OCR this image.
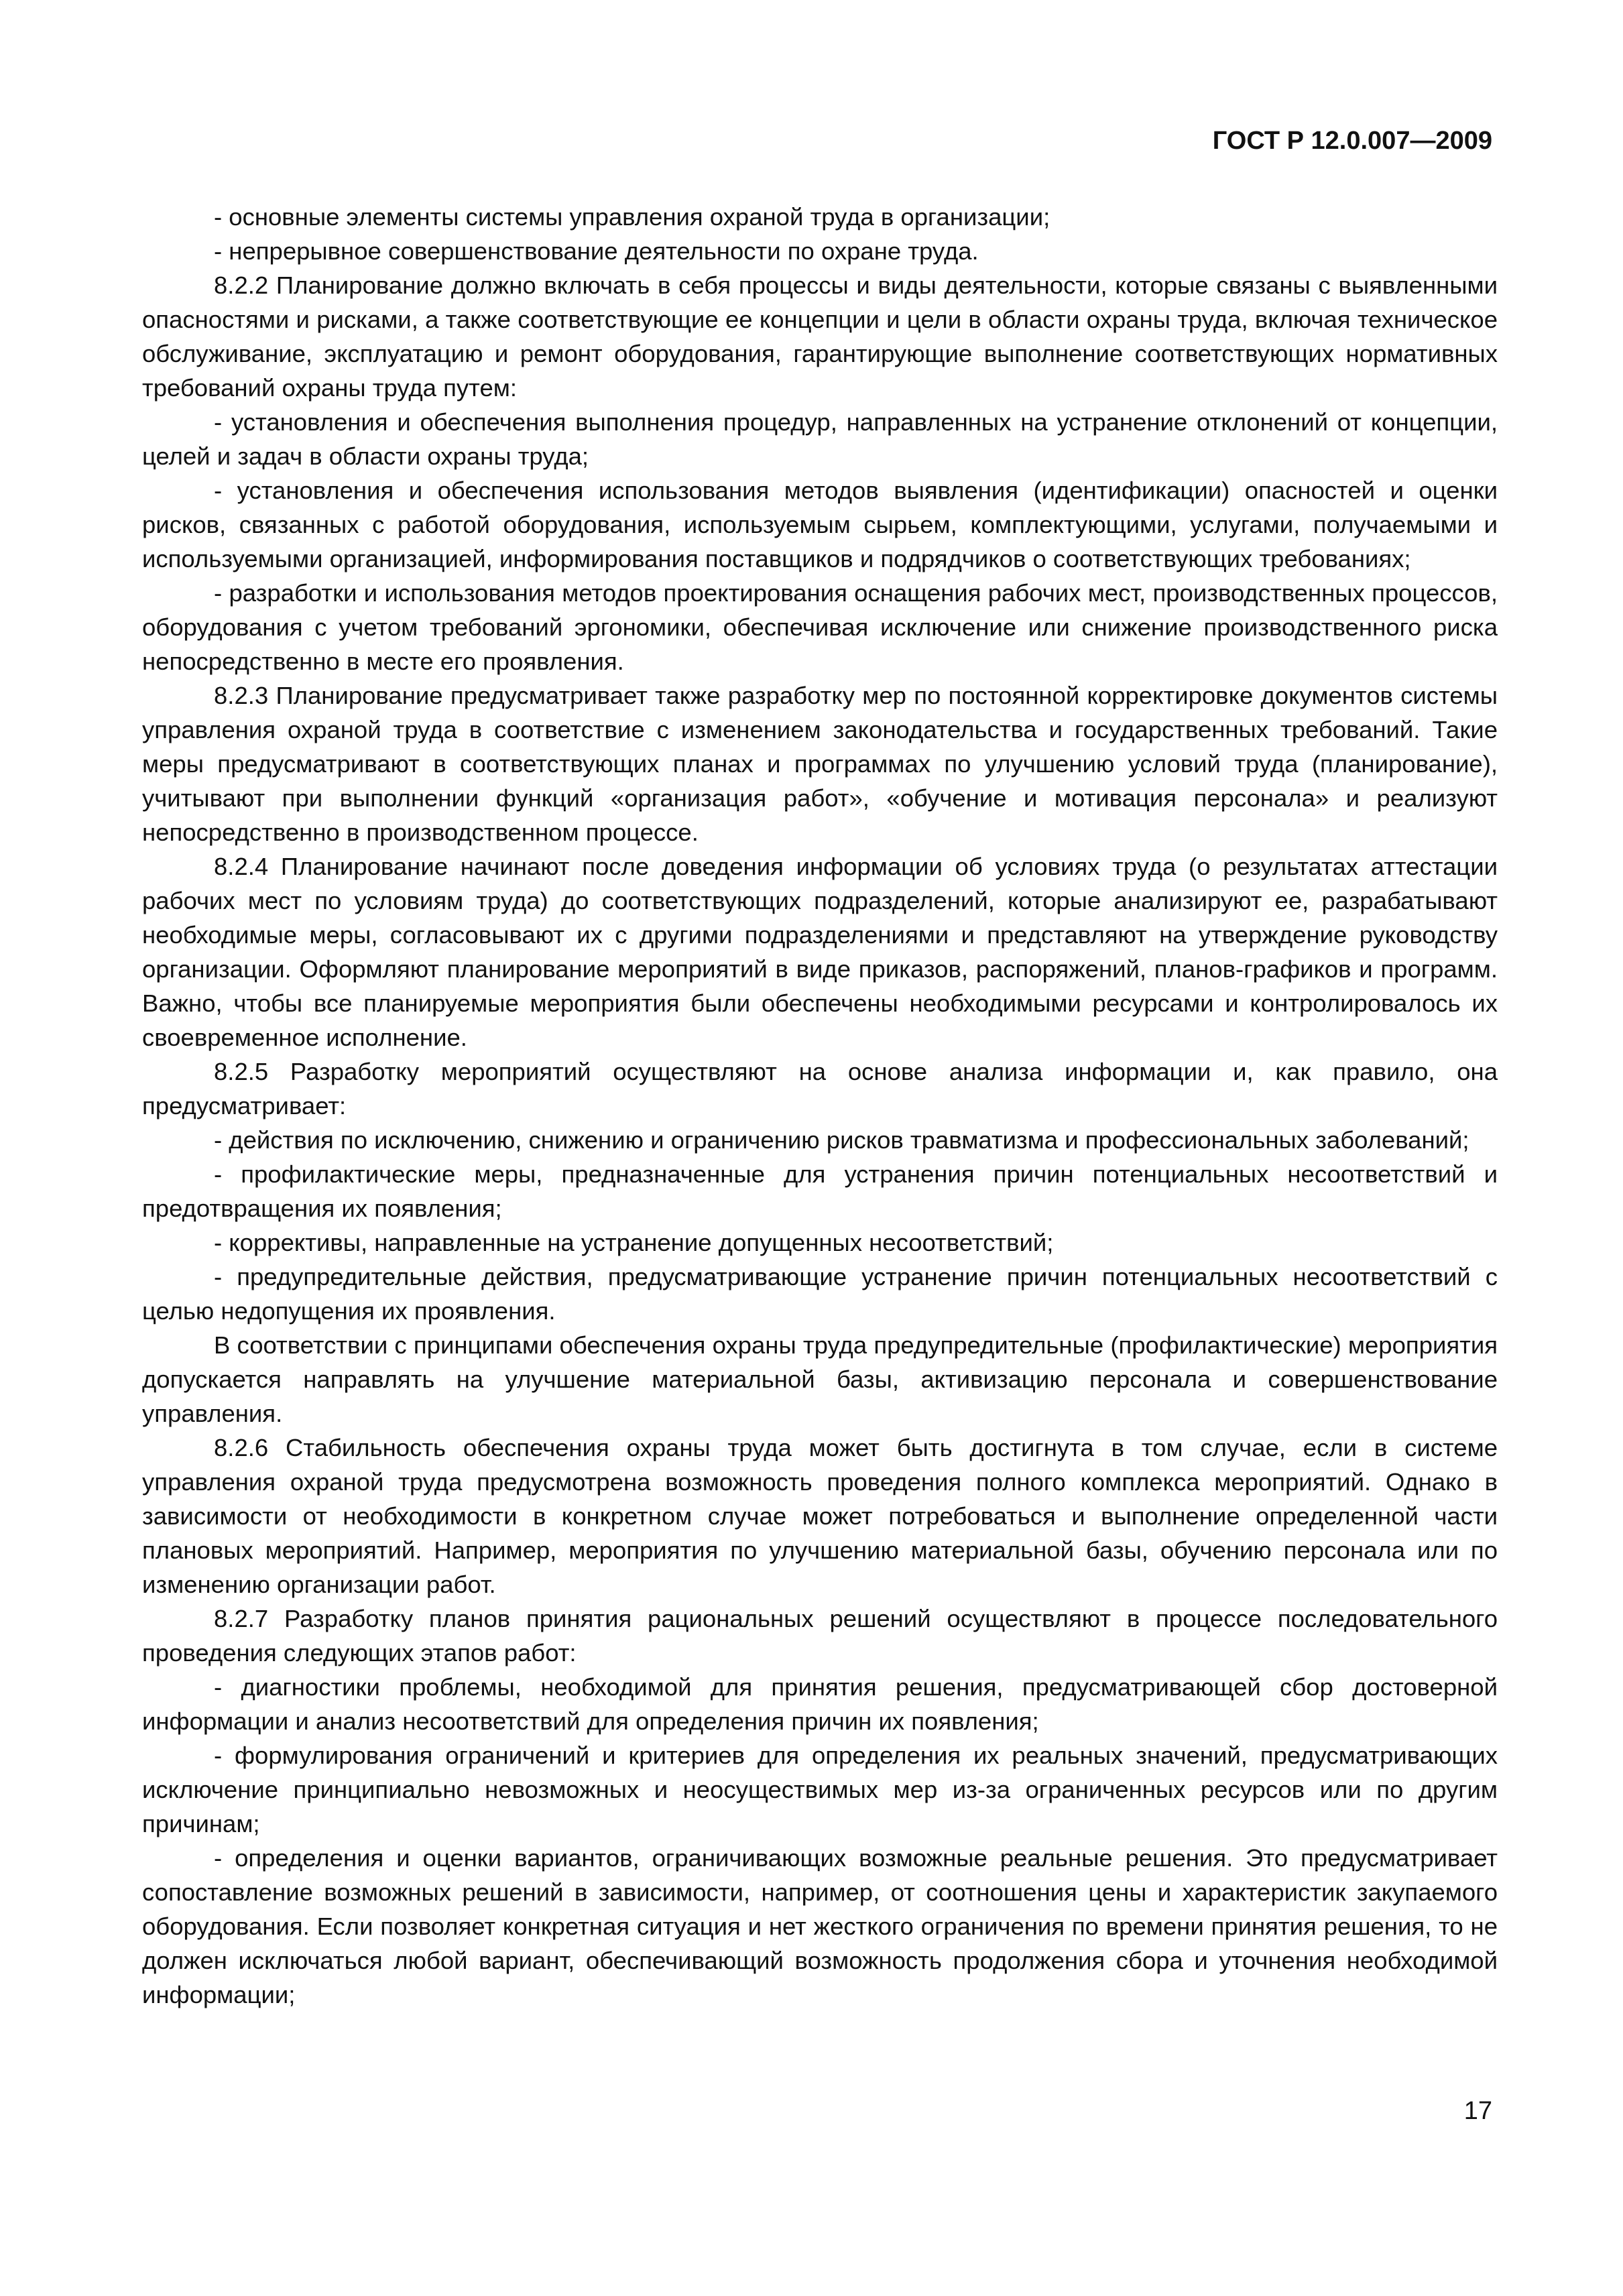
ГОСТ Р 12.0.007—2009

- основные элементы системы управления охраной труда в организации;

- непрерывное совершенствование деятельности по охране труда.

8.2.2 Планирование должно включать в себя процессы и виды деятельности, которые связаны с выявленными опасностями и рисками, а также соответствующие ее концепции и цели в области охраны труда, включая техническое обслуживание, эксплуатацию и ремонт оборудования, гарантирующие выполнение соответствующих нормативных требований охраны труда путем:

- установления и обеспечения выполнения процедур, направленных на устранение отклонений от концепции, целей и задач в области охраны труда;

- установления и обеспечения использования методов выявления (идентификации) опасностей и оценки рисков, связанных с работой оборудования, используемым сырьем, комплектующими, услугами, получаемыми и используемыми организацией, информирования поставщиков и подрядчиков о соответствующих требованиях;

- разработки и использования методов проектирования оснащения рабочих мест, производственных процессов, оборудования с учетом требований эргономики, обеспечивая исключение или снижение производственного риска непосредственно в месте его проявления.

8.2.3 Планирование предусматривает также разработку мер по постоянной корректировке документов системы управления охраной труда в соответствие с изменением законодательства и государственных требований. Такие меры предусматривают в соответствующих планах и программах по улучшению условий труда (планирование), учитывают при выполнении функций «организация работ», «обучение и мотивация персонала» и реализуют непосредственно в производственном процессе.

8.2.4 Планирование начинают после доведения информации об условиях труда (о результатах аттестации рабочих мест по условиям труда) до соответствующих подразделений, которые анализируют ее, разрабатывают необходимые меры, согласовывают их с другими подразделениями и представляют на утверждение руководству организации. Оформляют планирование мероприятий в виде приказов, распоряжений, планов-графиков и программ. Важно, чтобы все планируемые мероприятия были обеспечены необходимыми ресурсами и контролировалось их своевременное исполнение.

8.2.5 Разработку мероприятий осуществляют на основе анализа информации и, как правило, она предусматривает:

- действия по исключению, снижению и ограничению рисков травматизма и профессиональных заболеваний;

- профилактические меры, предназначенные для устранения причин потенциальных несоответствий и предотвращения их появления;

- коррективы, направленные на устранение допущенных несоответствий;

- предупредительные действия, предусматривающие устранение причин потенциальных несоответствий с целью недопущения их проявления.

В соответствии с принципами обеспечения охраны труда предупредительные (профилактические) мероприятия допускается направлять на улучшение материальной базы, активизацию персонала и совершенствование управления.

8.2.6 Стабильность обеспечения охраны труда может быть достигнута в том случае, если в системе управления охраной труда предусмотрена возможность проведения полного комплекса мероприятий. Однако в зависимости от необходимости в конкретном случае может потребоваться и выполнение определенной части плановых мероприятий. Например, мероприятия по улучшению материальной базы, обучению персонала или по изменению организации работ.

8.2.7 Разработку планов принятия рациональных решений осуществляют в процессе последовательного проведения следующих этапов работ:

- диагностики проблемы, необходимой для принятия решения, предусматривающей сбор достоверной информации и анализ несоответствий для определения причин их появления;

- формулирования ограничений и критериев для определения их реальных значений, предусматривающих исключение принципиально невозможных и неосуществимых мер из-за ограниченных ресурсов или по другим причинам;

- определения и оценки вариантов, ограничивающих возможные реальные решения. Это предусматривает сопоставление возможных решений в зависимости, например, от соотношения цены и характеристик закупаемого оборудования. Если позволяет конкретная ситуация и нет жесткого ограничения по времени принятия решения, то не должен исключаться любой вариант, обеспечивающий возможность продолжения сбора и уточнения необходимой информации;

17
